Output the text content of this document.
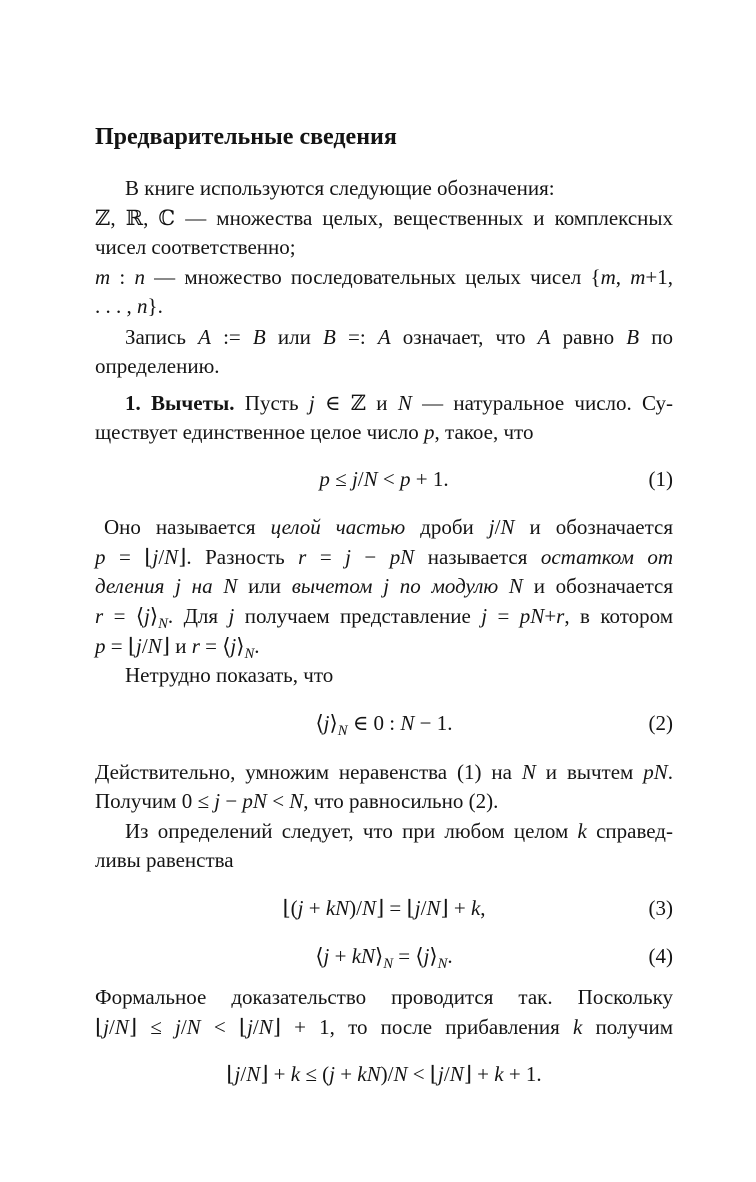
Предварительные сведения
В книге используются следующие обозначения:
ℤ, ℝ, ℂ — множества целых, вещественных и комплексных
чисел соответственно;
m : n — множество последовательных целых чисел {m, m+1,
. . . , n}.
Запись A := B или B =: A означает, что A равно B по
определению.
1. Вычеты. Пусть j ∈ ℤ и N — натуральное число. Су-
ществует единственное целое число p, такое, что
p ≤ j/N < p + 1.	(1)
Оно называется целой частью дроби j/N и обозначается
p = ⌊j/N⌋. Разность r = j − pN называется остатком от
деления j на N или вычетом j по модулю N и обозначается
$r = ⟨j⟩_N$. Для j получаем представление j = pN+r, в котором
p = ⌊j/N⌋ и $r = ⟨j⟩_N$.
Нетрудно показать, что
$⟨j⟩_N$ ∈ 0 : N − 1.	(2)
Действительно, умножим неравенства (1) на N и вычтем pN.
Получим 0 ≤ j − pN < N, что равносильно (2).
Из определений следует, что при любом целом k справед-
ливы равенства
⌊(j + kN)/N⌋ = ⌊j/N⌋ + k,	(3)
⟨j + $kN⟩_N$ = $⟨j⟩_N$.	(4)
Формальное доказательство проводится так. Поскольку
⌊j/N⌋ ≤ j/N < ⌊j/N⌋ + 1, то после прибавления k получим
⌊j/N⌋ + k ≤ (j + kN)/N < ⌊j/N⌋ + k + 1.
